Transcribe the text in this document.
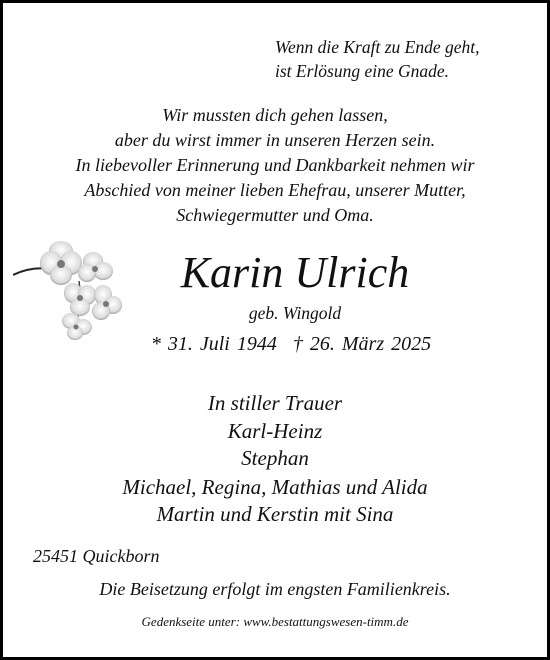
Wenn die Kraft zu Ende geht,
ist Erlösung eine Gnade.
Wir mussten dich gehen lassen,
aber du wirst immer in unseren Herzen sein.
In liebevoller Erinnerung und Dankbarkeit nehmen wir
Abschied von meiner lieben Ehefrau, unserer Mutter,
Schwiegermutter und Oma.
Karin Ulrich
geb. Wingold
* 31. Juli 1944 † 26. März 2025
In stiller Trauer
Karl-Heinz
Stephan
Michael, Regina, Mathias und Alida
Martin und Kerstin mit Sina
25451 Quickborn
Die Beisetzung erfolgt im engsten Familienkreis.
Gedenkseite unter: www.bestattungswesen-timm.de
